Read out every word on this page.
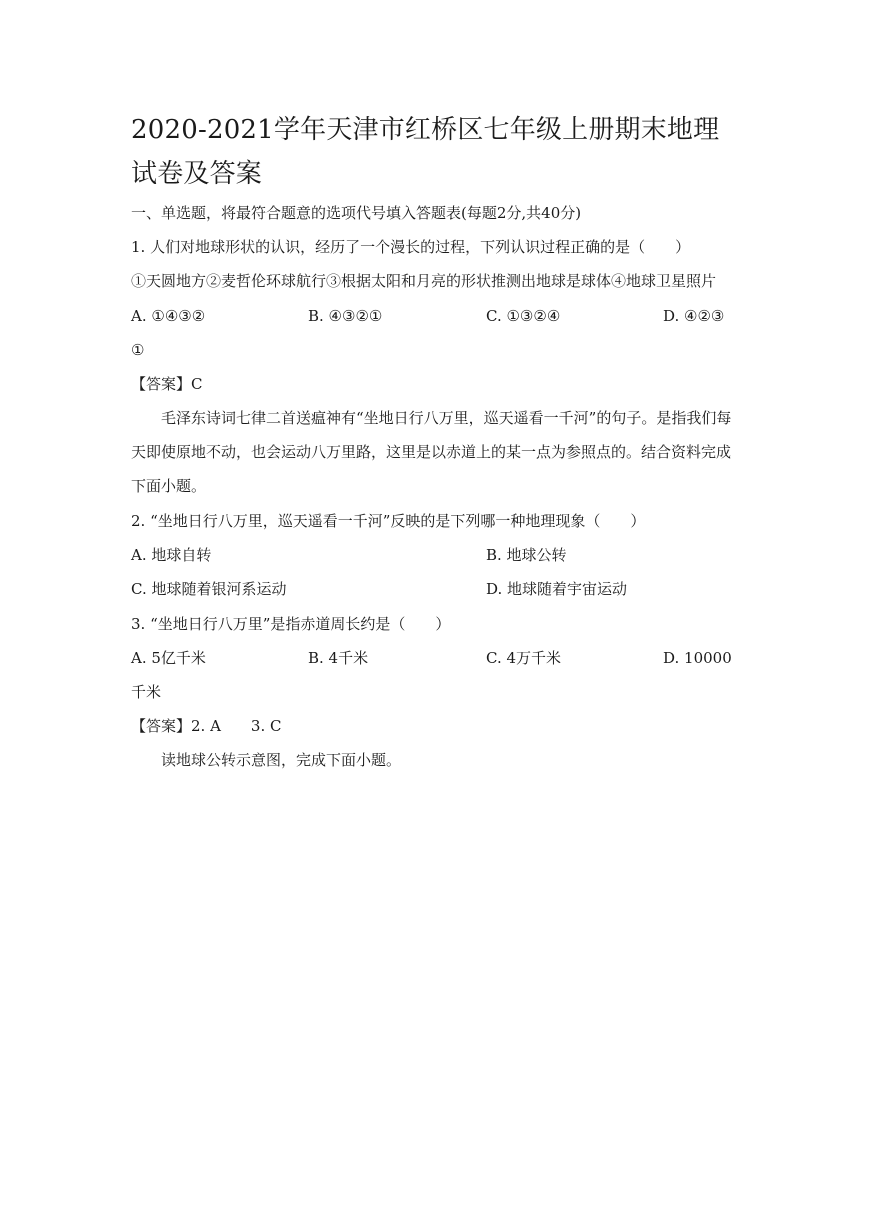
2020-2021学年天津市红桥区七年级上册期末地理试卷及答案
一、单选题，将最符合题意的选项代号填入答题表(每题2分,共40分)
1. 人们对地球形状的认识，经历了一个漫长的过程，下列认识过程正确的是（　　）
①天圆地方②麦哲伦环球航行③根据太阳和月亮的形状推测出地球是球体④地球卫星照片
A. ①④③②	B. ④③②①	C. ①③②④	D. ④②③
①
【答案】C
毛泽东诗词七律二首送瘟神有“坐地日行八万里，巡天遥看一千河”的句子。是指我们每天即使原地不动，也会运动八万里路，这里是以赤道上的某一点为参照点的。结合资料完成下面小题。
2. “坐地日行八万里，巡天遥看一千河”反映的是下列哪一种地理现象（　　）
A. 地球自转	B. 地球公转
C. 地球随着银河系运动	D. 地球随着宇宙运动
3. “坐地日行八万里”是指赤道周长约是（　　）
A. 5亿千米	B. 4千米	C. 4万千米	D. 10000
千米
【答案】2. A　　3. C
读地球公转示意图，完成下面小题。
